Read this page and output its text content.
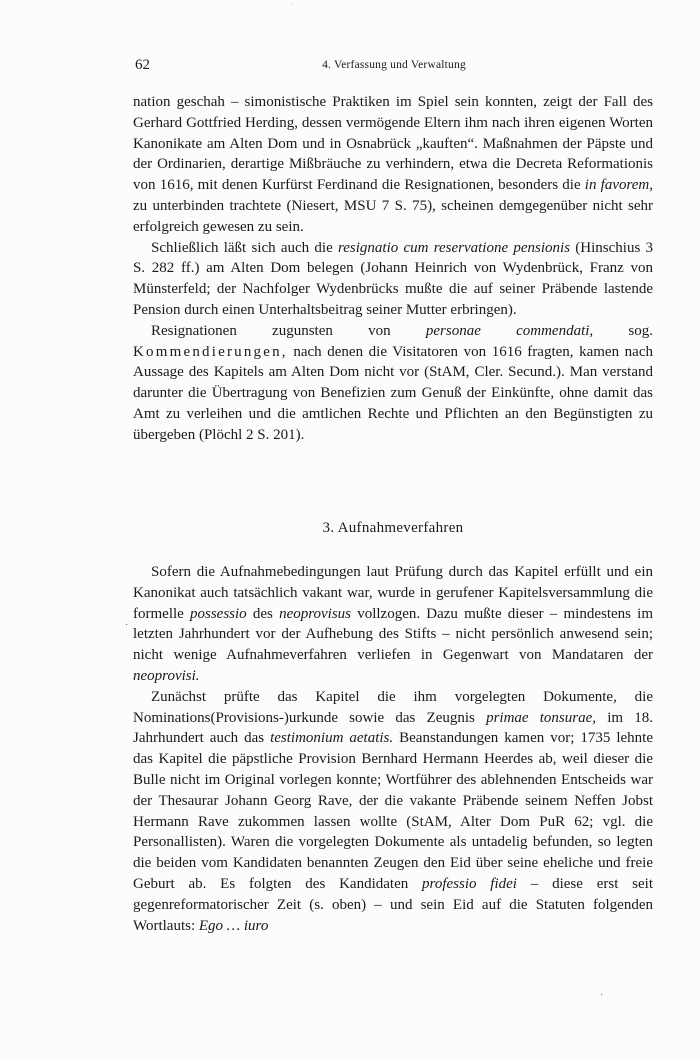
'
62	4. Verfassung und Verwaltung

nation geschah – simonistische Praktiken im Spiel sein konnten, zeigt der Fall des Gerhard Gottfried Herding, dessen vermögende Eltern ihm nach ihren eigenen Worten Kanonikate am Alten Dom und in Osnabrück „kauften“. Maßnahmen der Päpste und der Ordinarien, derartige Mißbräuche zu verhindern, etwa die Decreta Reformationis von 1616, mit denen Kurfürst Ferdinand die Resignationen, besonders die in favorem, zu unterbinden trachtete (Niesert, MSU 7 S. 75), scheinen demgegenüber nicht sehr erfolgreich gewesen zu sein.

Schließlich läßt sich auch die resignatio cum reservatione pensionis (Hinschius 3 S. 282 ff.) am Alten Dom belegen (Johann Heinrich von Wydenbrück, Franz von Münsterfeld; der Nachfolger Wydenbrücks mußte die auf seiner Präbende lastende Pension durch einen Unterhaltsbeitrag seiner Mutter erbringen).

Resignationen zugunsten von personae commendati, sog. Kommendierungen, nach denen die Visitatoren von 1616 fragten, kamen nach Aussage des Kapitels am Alten Dom nicht vor (StAM, Cler. Secund.). Man verstand darunter die Übertragung von Benefizien zum Genuß der Einkünfte, ohne damit das Amt zu verleihen und die amtlichen Rechte und Pflichten an den Begünstigten zu übergeben (Plöchl 2 S. 201).

3. Aufnahmeverfahren

Sofern die Aufnahmebedingungen laut Prüfung durch das Kapitel erfüllt und ein Kanonikat auch tatsächlich vakant war, wurde in gerufener Kapitelsversammlung die formelle possessio des neoprovisus vollzogen. Dazu mußte dieser – mindestens im letzten Jahrhundert vor der Aufhebung des Stifts – nicht persönlich anwesend sein; nicht wenige Aufnahmeverfahren verliefen in Gegenwart von Mandataren der neoprovisi.

Zunächst prüfte das Kapitel die ihm vorgelegten Dokumente, die Nominations(Provisions-)urkunde sowie das Zeugnis primae tonsurae, im 18. Jahrhundert auch das testimonium aetatis. Beanstandungen kamen vor; 1735 lehnte das Kapitel die päpstliche Provision Bernhard Hermann Heerdes ab, weil dieser die Bulle nicht im Original vorlegen konnte; Wortführer des ablehnenden Entscheids war der Thesaurar Johann Georg Rave, der die vakante Präbende seinem Neffen Jobst Hermann Rave zukommen lassen wollte (StAM, Alter Dom PuR 62; vgl. die Personallisten). Waren die vorgelegten Dokumente als untadelig befunden, so legten die beiden vom Kandidaten benannten Zeugen den Eid über seine eheliche und freie Geburt ab. Es folgten des Kandidaten professio fidei – diese erst seit gegenreformatorischer Zeit (s. oben) – und sein Eid auf die Statuten folgenden Wortlauts: Ego … iuro

·
·
